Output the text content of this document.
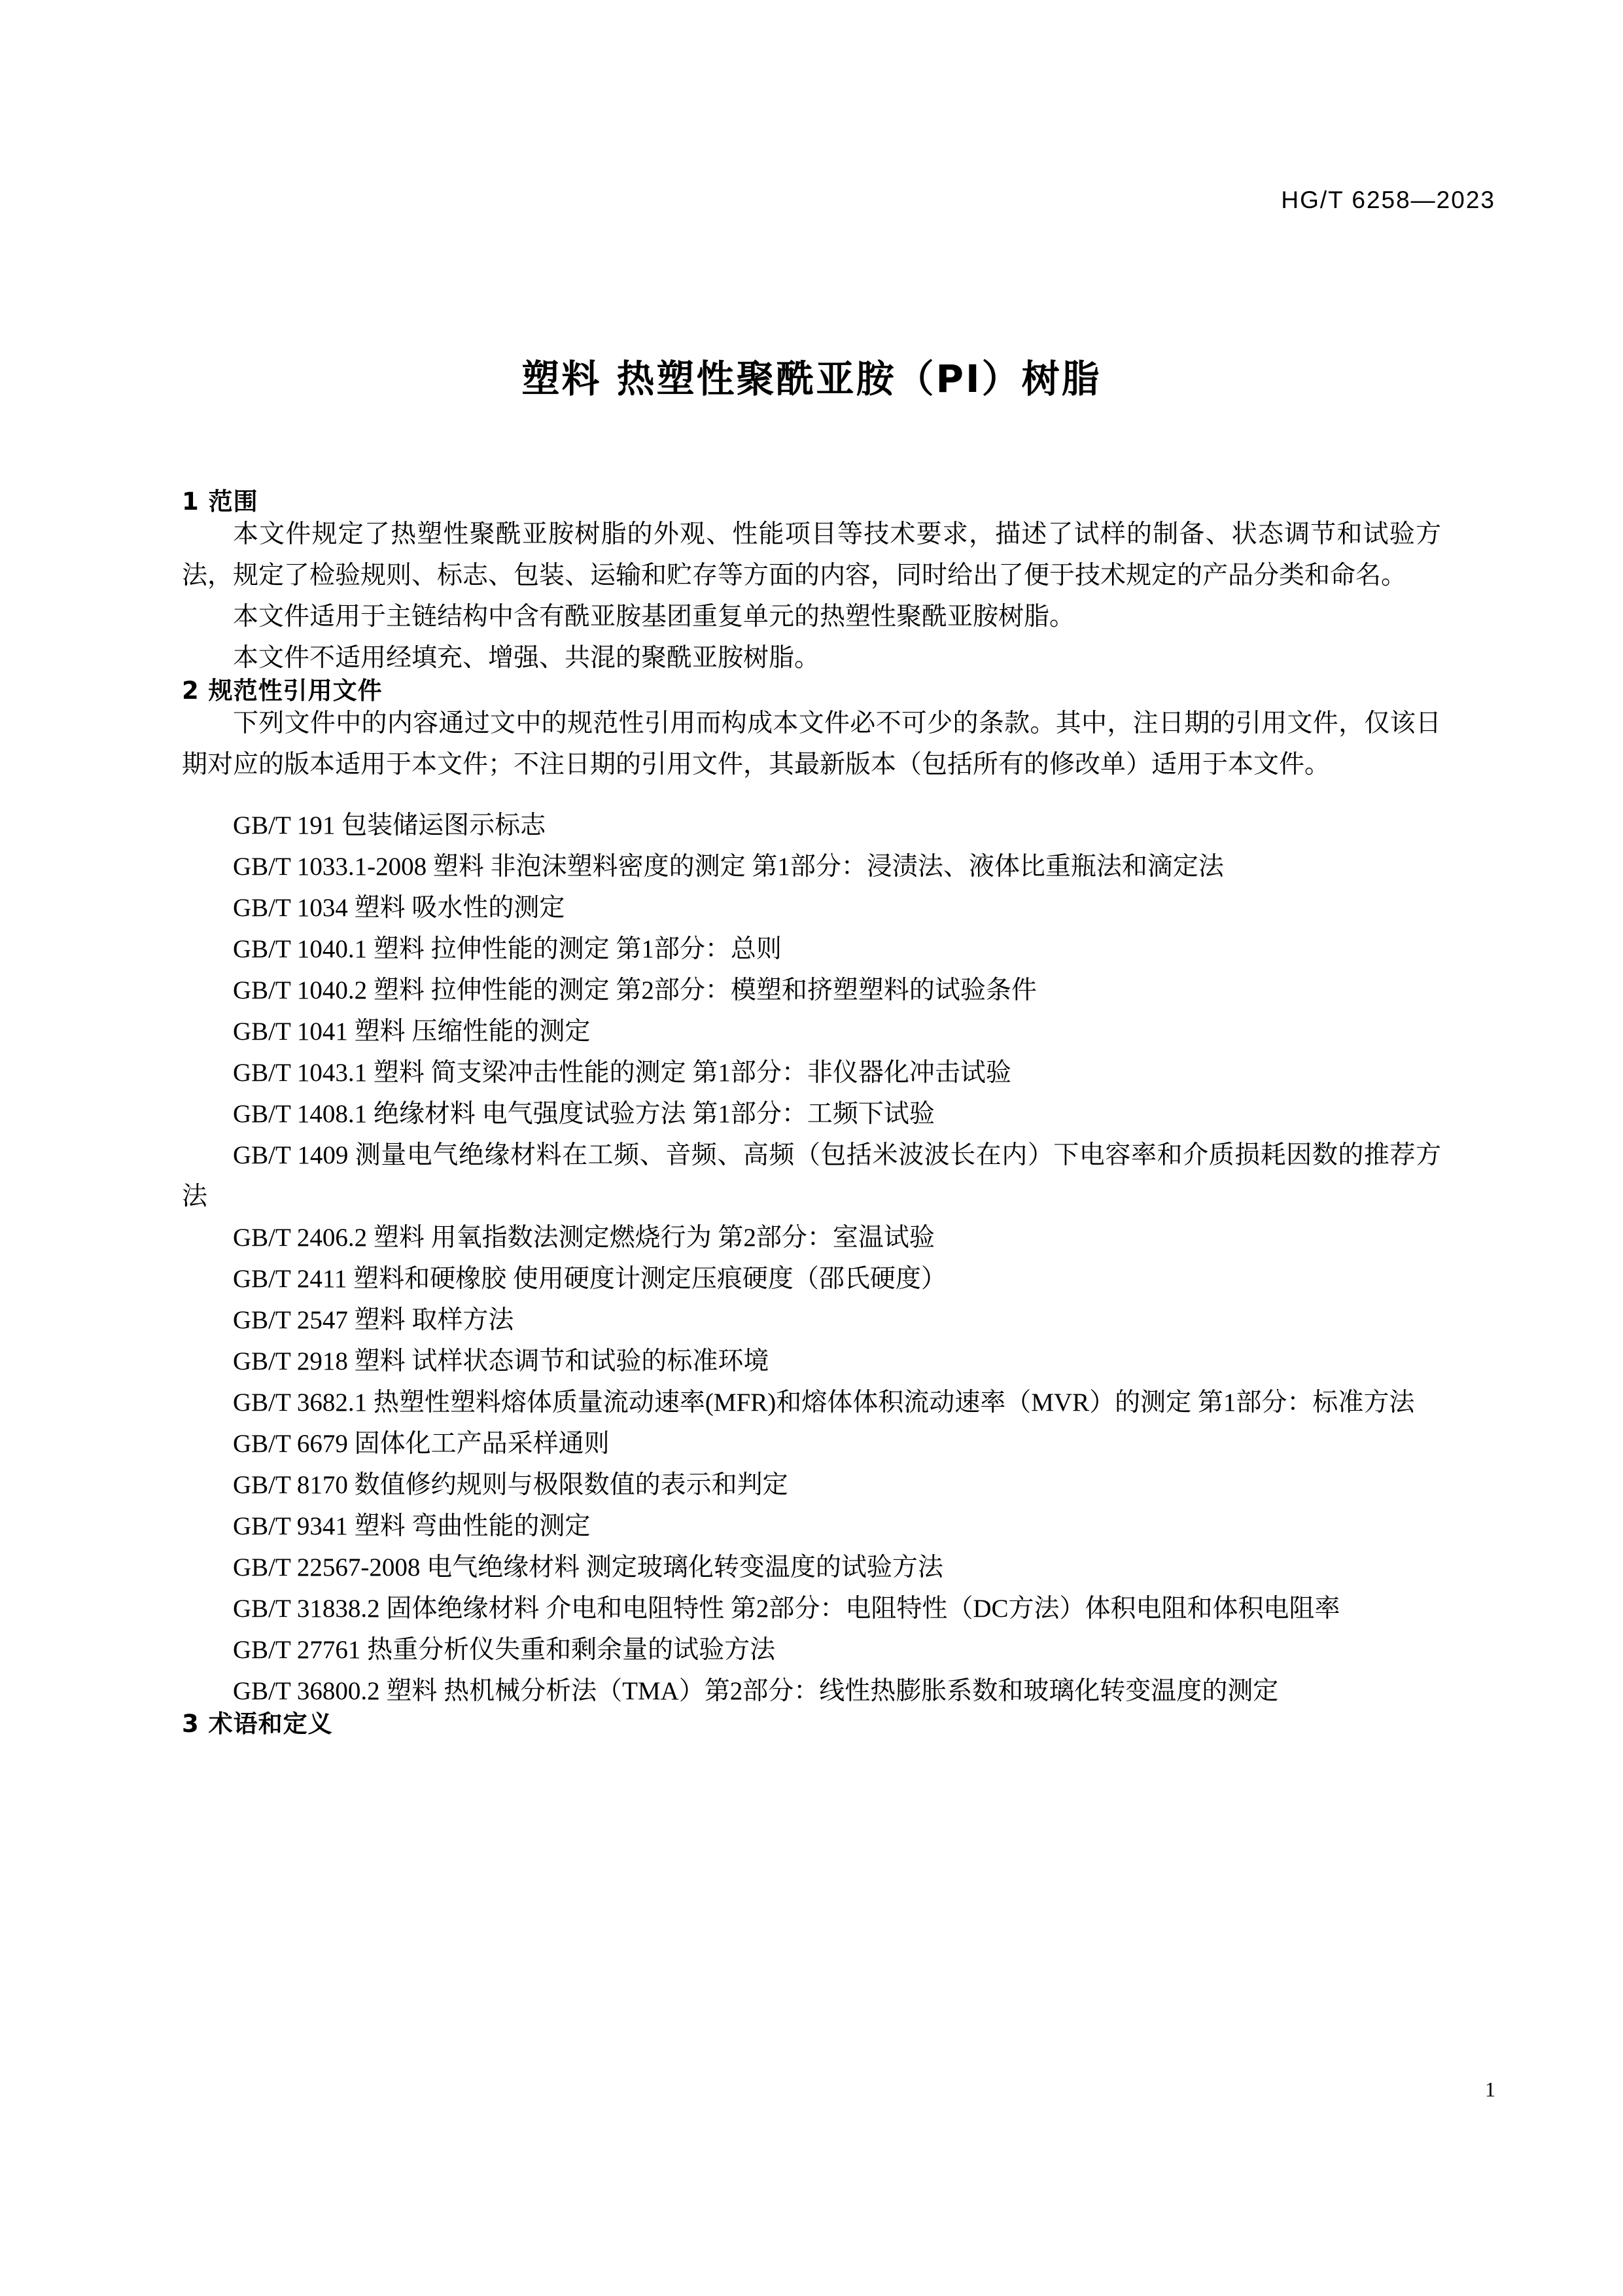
HG/T 6258—2023
塑料 热塑性聚酰亚胺（PI）树脂
1 范围

本文件规定了热塑性聚酰亚胺树脂的外观、性能项目等技术要求，描述了试样的制备、状态调节和试验方法，规定了检验规则、标志、包装、运输和贮存等方面的内容，同时给出了便于技术规定的产品分类和命名。

本文件适用于主链结构中含有酰亚胺基团重复单元的热塑性聚酰亚胺树脂。

本文件不适用经填充、增强、共混的聚酰亚胺树脂。

2 规范性引用文件

下列文件中的内容通过文中的规范性引用而构成本文件必不可少的条款。其中，注日期的引用文件，仅该日期对应的版本适用于本文件；不注日期的引用文件，其最新版本（包括所有的修改单）适用于本文件。

GB/T 191 包装储运图示标志
GB/T 1033.1-2008 塑料 非泡沫塑料密度的测定 第1部分：浸渍法、液体比重瓶法和滴定法
GB/T 1034 塑料 吸水性的测定
GB/T 1040.1 塑料 拉伸性能的测定 第1部分：总则
GB/T 1040.2 塑料 拉伸性能的测定 第2部分：模塑和挤塑塑料的试验条件
GB/T 1041 塑料 压缩性能的测定
GB/T 1043.1 塑料 简支梁冲击性能的测定 第1部分：非仪器化冲击试验
GB/T 1408.1 绝缘材料 电气强度试验方法 第1部分：工频下试验
GB/T 1409 测量电气绝缘材料在工频、音频、高频（包括米波波长在内）下电容率和介质损耗因数的推荐方法
GB/T 2406.2 塑料 用氧指数法测定燃烧行为 第2部分：室温试验
GB/T 2411 塑料和硬橡胶 使用硬度计测定压痕硬度（邵氏硬度）
GB/T 2547 塑料 取样方法
GB/T 2918 塑料 试样状态调节和试验的标准环境
GB/T 3682.1 热塑性塑料熔体质量流动速率(MFR)和熔体体积流动速率（MVR）的测定 第1部分：标准方法
GB/T 6679 固体化工产品采样通则
GB/T 8170 数值修约规则与极限数值的表示和判定
GB/T 9341 塑料 弯曲性能的测定
GB/T 22567-2008 电气绝缘材料 测定玻璃化转变温度的试验方法
GB/T 31838.2 固体绝缘材料 介电和电阻特性 第2部分：电阻特性（DC方法）体积电阻和体积电阻率
GB/T 27761 热重分析仪失重和剩余量的试验方法
GB/T 36800.2 塑料 热机械分析法（TMA）第2部分：线性热膨胀系数和玻璃化转变温度的测定
3 术语和定义
1
